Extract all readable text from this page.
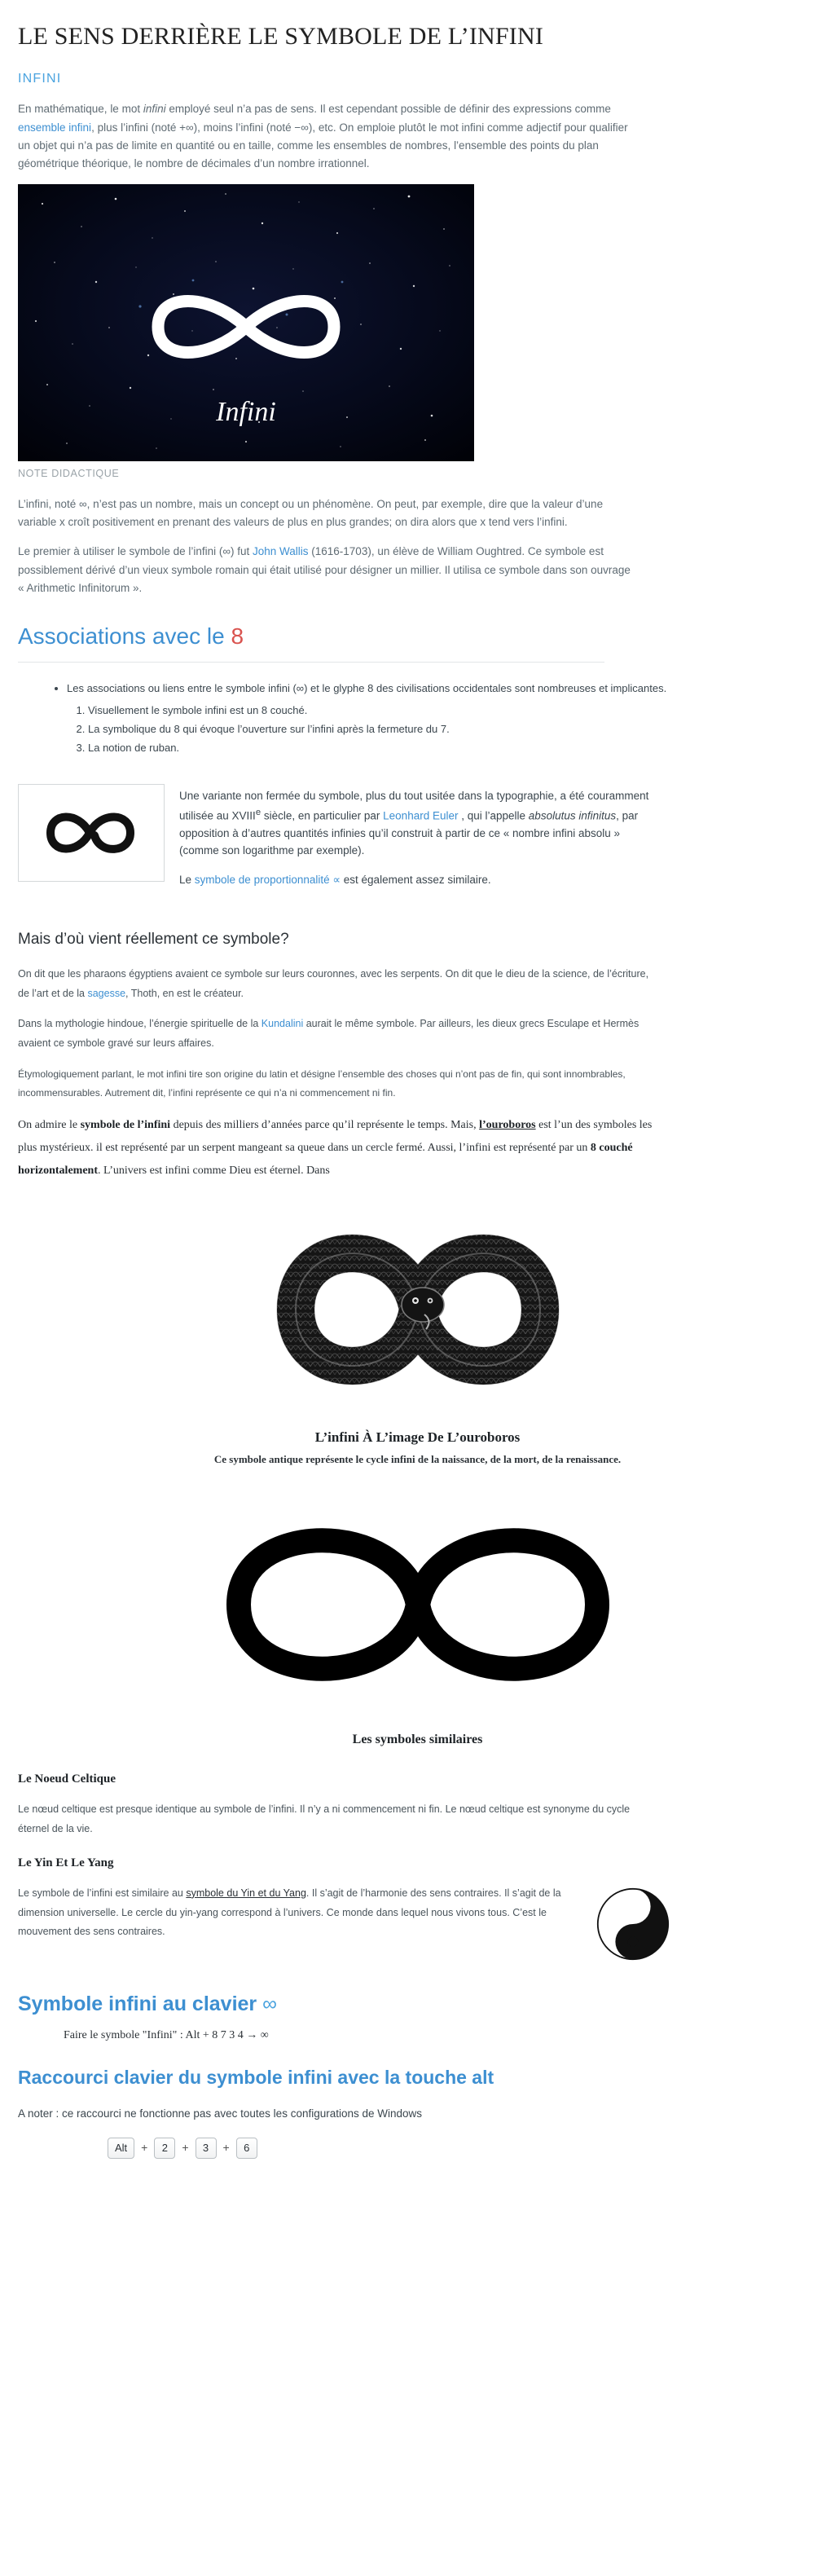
LE SENS DERRIÈRE LE SYMBOLE DE L’INFINI
INFINI

En mathématique, le mot infini employé seul n’a pas de sens. Il est cependant possible de définir des expressions comme ensemble infini, plus l’infini (noté +∞), moins l’infini (noté −∞), etc. On emploie plutôt le mot infini comme adjectif pour qualifier un objet qui n’a pas de limite en quantité ou en taille, comme les ensembles de nombres, l’ensemble des points du plan géométrique théorique, le nombre de décimales d’un nombre irrationnel.

Infini
NOTE DIDACTIQUE

L’infini, noté ∞, n’est pas un nombre, mais un concept ou un phénomène. On peut, par exemple, dire que la valeur d’une variable x croît positivement en prenant des valeurs de plus en plus grandes; on dira alors que x tend vers l’infini.

Le premier à utiliser le symbole de l’infini (∞) fut John Wallis (1616-1703), un élève de William Oughtred. Ce symbole est possiblement dérivé d’un vieux symbole romain qui était utilisé pour désigner un millier. Il utilisa ce symbole dans son ouvrage « Arithmetic Infinitorum ».

Associations avec le 8
• Les associations ou liens entre le symbole infini (∞) et le glyphe 8 des civilisations occidentales sont nombreuses et implicantes.
1. Visuellement le symbole infini est un 8 couché.
2. La symbolique du 8 qui évoque l’ouverture sur l’infini après la fermeture du 7.
3. La notion de ruban.

Une variante non fermée du symbole, plus du tout usitée dans la typographie, a été couramment utilisée au XVIIIe siècle, en particulier par Leonhard Euler , qui l’appelle absolutus infinitus, par opposition à d’autres quantités infinies qu’il construit à partir de ce « nombre infini absolu » (comme son logarithme par exemple).

Le symbole de proportionnalité ∝ est également assez similaire.

Mais d’où vient réellement ce symbole?

On dit que les pharaons égyptiens avaient ce symbole sur leurs couronnes, avec les serpents. On dit que le dieu de la science, de l’écriture, de l’art et de la sagesse, Thoth, en est le créateur.

Dans la mythologie hindoue, l’énergie spirituelle de la Kundalini aurait le même symbole. Par ailleurs, les dieux grecs Esculape et Hermès avaient ce symbole gravé sur leurs affaires.

Étymologiquement parlant, le mot infini tire son origine du latin et désigne l’ensemble des choses qui n’ont pas de fin, qui sont innombrables, incommensurables. Autrement dit, l’infini représente ce qui n’a ni commencement ni fin.

On admire le symbole de l’infini depuis des milliers d’années parce qu’il représente le temps. Mais, l’ouroboros est l’un des symboles les plus mystérieux. il est représenté par un serpent mangeant sa queue dans un cercle fermé. Aussi, l’infini est représenté par un 8 couché horizontalement. L’univers est infini comme Dieu est éternel. Dans

L’infini À L’image De L’ouroboros
Ce symbole antique représente le cycle infini de la naissance, de la mort, de la renaissance.
Les symboles similaires
Le Noeud Celtique

Le nœud celtique est presque identique au symbole de l’infini. Il n’y a ni commencement ni fin. Le nœud celtique est synonyme du cycle éternel de la vie.

Le Yin Et Le Yang

Le symbole de l’infini est similaire au symbole du Yin et du Yang. Il s’agit de l’harmonie des sens contraires. Il s’agit de la dimension universelle. Le cercle du yin-yang correspond à l’univers. Ce monde dans lequel nous vivons tous. C’est le mouvement des sens contraires.

Symbole infini au clavier ∞
Faire le symbole "Infini" : Alt + 8 7 3 4 → ∞
Raccourci clavier du symbole infini avec la touche alt

A noter : ce raccourci ne fonctionne pas avec toutes les configurations de Windows

Alt	+	2	+	3	+	6
